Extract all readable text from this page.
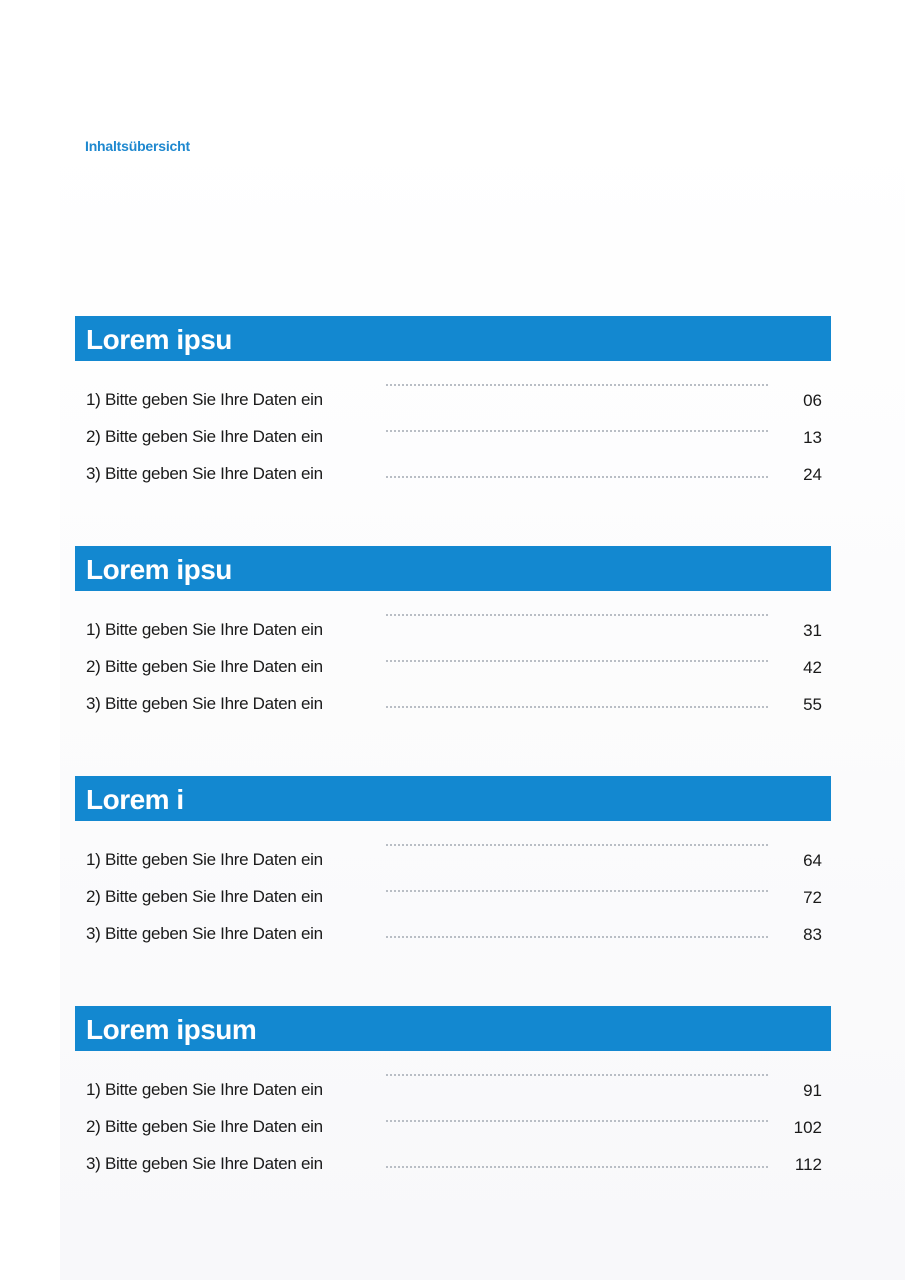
Inhaltsübersicht
Lorem ipsu
1) Bitte geben Sie Ihre Daten ein	06
2) Bitte geben Sie Ihre Daten ein	13
3) Bitte geben Sie Ihre Daten ein	24
Lorem ipsu
1) Bitte geben Sie Ihre Daten ein	31
2) Bitte geben Sie Ihre Daten ein	42
3) Bitte geben Sie Ihre Daten ein	55
Lorem i
1) Bitte geben Sie Ihre Daten ein	64
2) Bitte geben Sie Ihre Daten ein	72
3) Bitte geben Sie Ihre Daten ein	83
Lorem ipsum
1) Bitte geben Sie Ihre Daten ein	91
2) Bitte geben Sie Ihre Daten ein	102
3) Bitte geben Sie Ihre Daten ein	112
